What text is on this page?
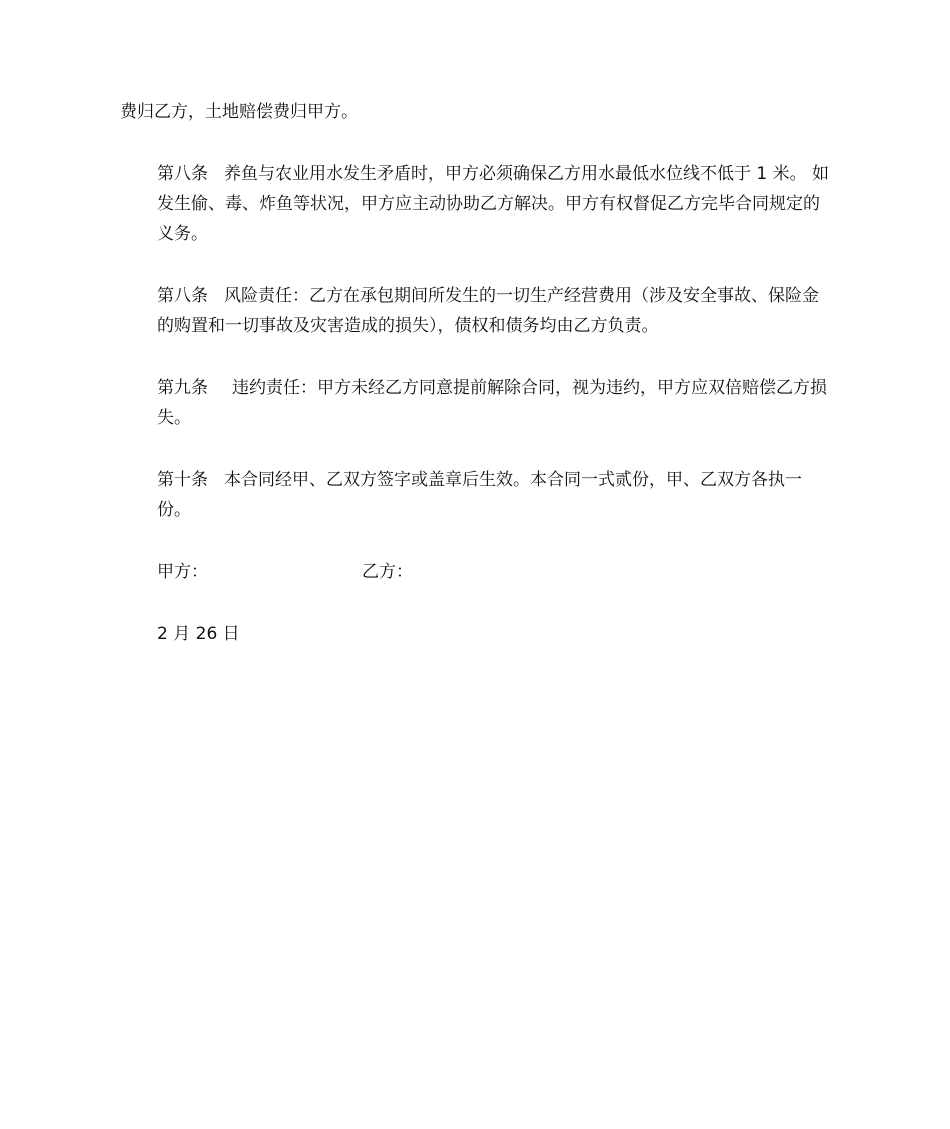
费归乙方，土地赔偿费归甲方。

第八条 养鱼与农业用水发生矛盾时，甲方必须确保乙方用水最低水位线不低于 1 米。 如发生偷、毒、炸鱼等状况，甲方应主动协助乙方解决。甲方有权督促乙方完毕合同规定的义务。

第八条 风险责任：乙方在承包期间所发生的一切生产经营费用（涉及安全事故、保险金的购置和一切事故及灾害造成的损失），债权和债务均由乙方负责。

第九条 违约责任：甲方未经乙方同意提前解除合同，视为违约，甲方应双倍赔偿乙方损失。

第十条 本合同经甲、乙双方签字或盖章后生效。本合同一式贰份，甲、乙双方各执一份。

甲方：	乙方：

2 月 26 日
